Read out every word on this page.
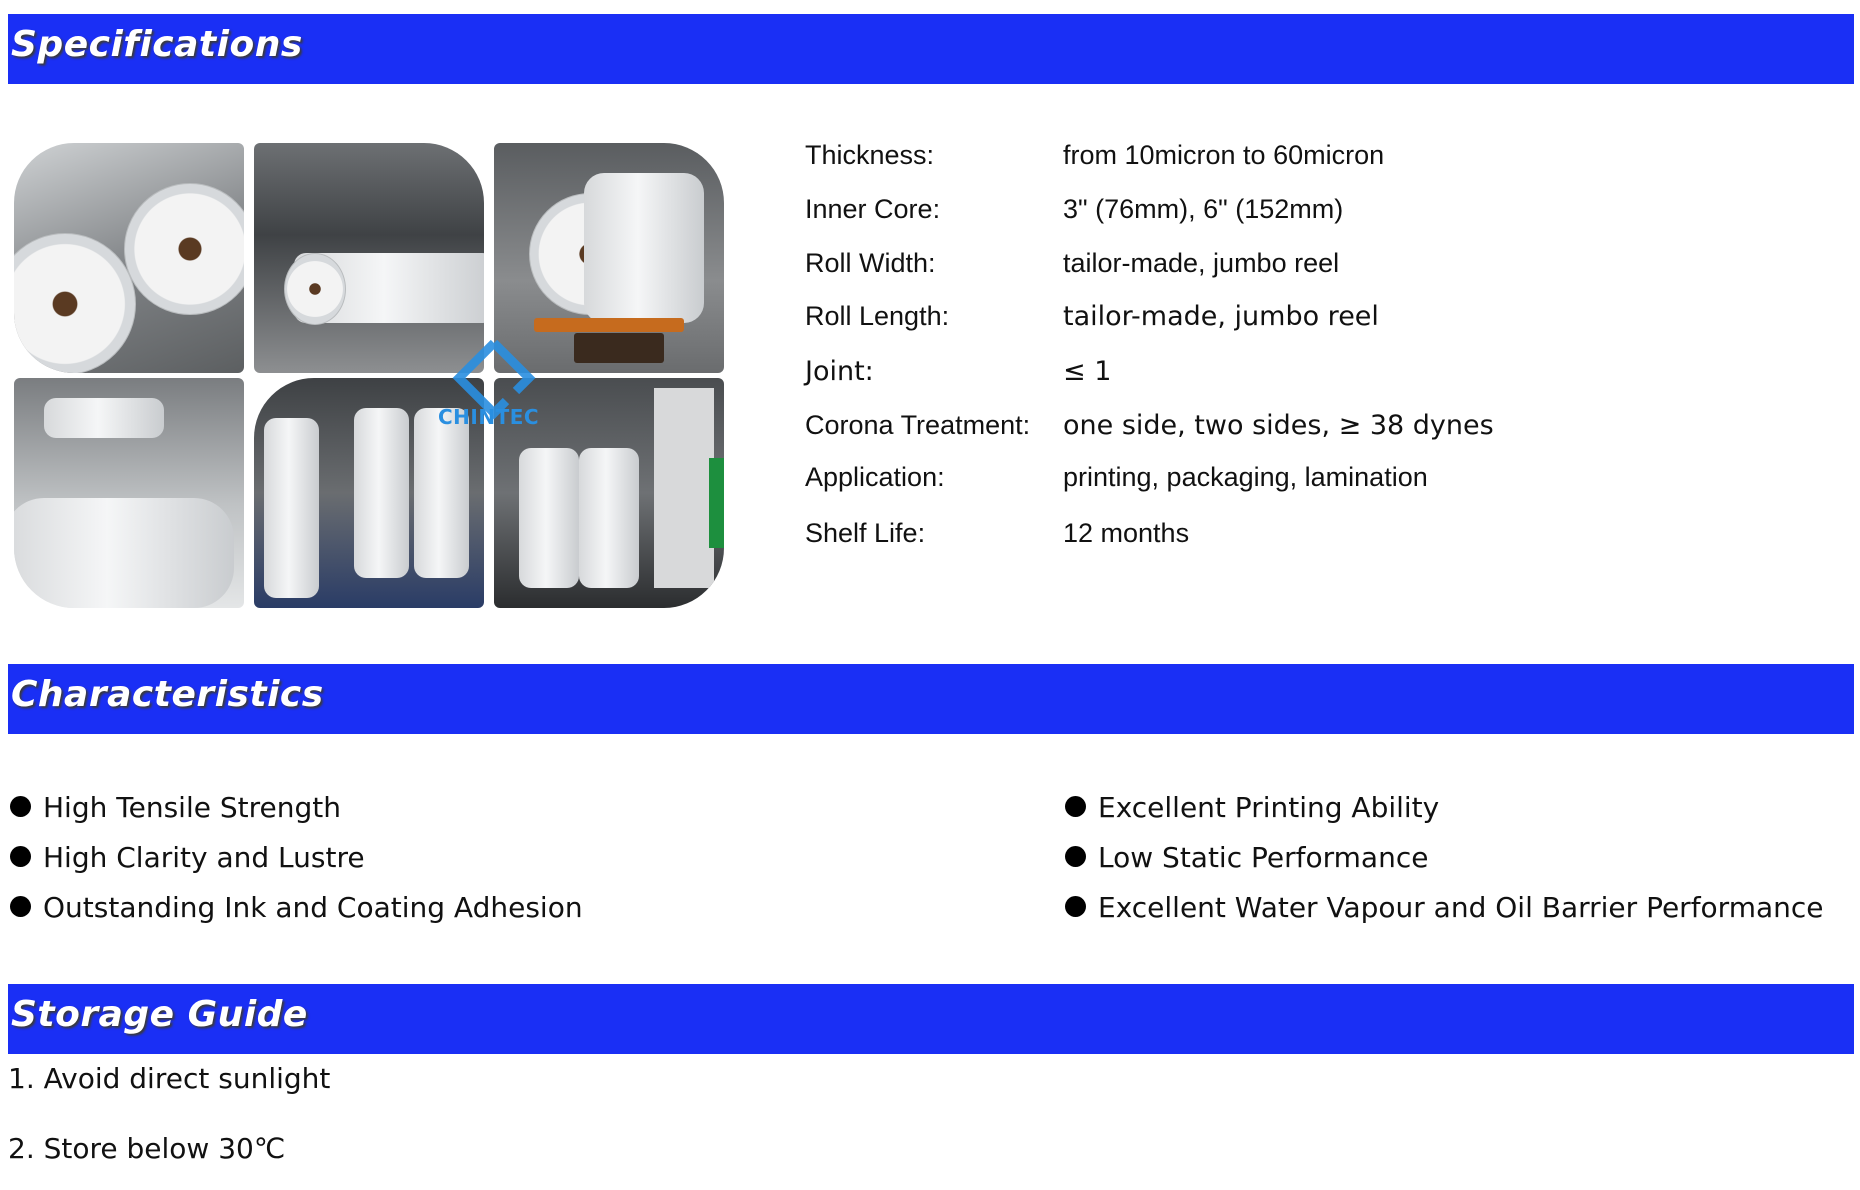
Specifications
CHINTEC
Thickness:	from 10micron to 60micron
Inner Core:	3" (76mm), 6" (152mm)
Roll Width:	tailor-made, jumbo reel
Roll Length:	tailor-made, jumbo reel
Joint:	≤ 1
Corona Treatment: one side, two sides, ≥ 38 dynes
Application:	printing, packaging, lamination
Shelf Life:	12 months
Characteristics
High Tensile Strength
High Clarity and Lustre
Outstanding Ink and Coating Adhesion
Excellent Printing Ability
Low Static Performance
Excellent Water Vapour and Oil Barrier Performance
Storage Guide
1. Avoid direct sunlight
2. Store below 30℃
